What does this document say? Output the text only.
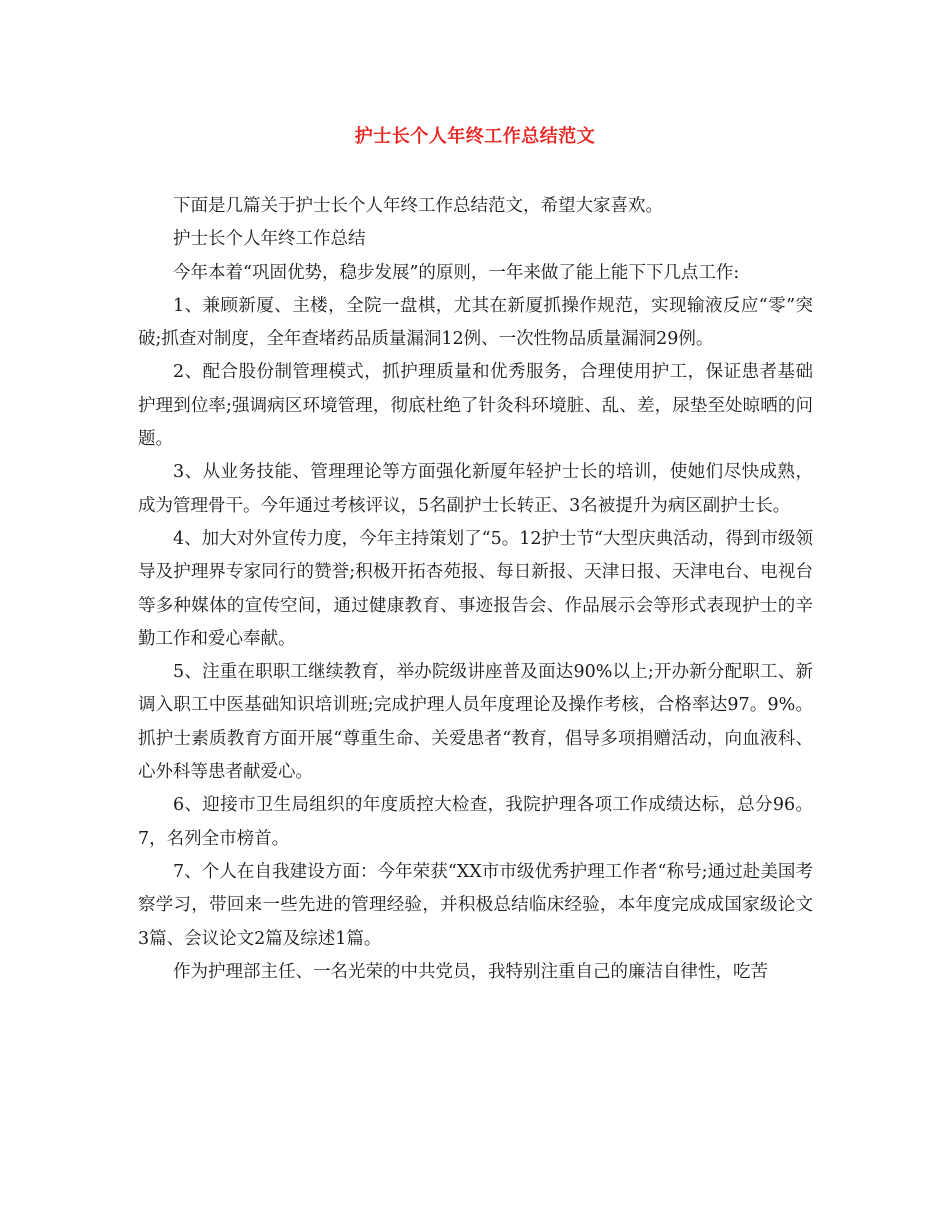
护士长个人年终工作总结范文

下面是几篇关于护士长个人年终工作总结范文，希望大家喜欢。

护士长个人年终工作总结

今年本着“巩固优势，稳步发展”的原则，一年来做了能上能下下几点工作:

1、兼顾新厦、主楼，全院一盘棋，尤其在新厦抓操作规范，实现输液反应“零”突破;抓查对制度，全年查堵药品质量漏洞12例、一次性物品质量漏洞29例。

2、配合股份制管理模式，抓护理质量和优秀服务，合理使用护工，保证患者基础护理到位率;强调病区环境管理，彻底杜绝了针灸科环境脏、乱、差，尿垫至处晾晒的问题。

3、从业务技能、管理理论等方面强化新厦年轻护士长的培训，使她们尽快成熟，成为管理骨干。今年通过考核评议，5名副护士长转正、3名被提升为病区副护士长。

4、加大对外宣传力度，今年主持策划了“5。12护士节“大型庆典活动，得到市级领导及护理界专家同行的赞誉;积极开拓杏苑报、每日新报、天津日报、天津电台、电视台等多种媒体的宣传空间，通过健康教育、事迹报告会、作品展示会等形式表现护士的辛勤工作和爱心奉献。

5、注重在职职工继续教育，举办院级讲座普及面达90%以上;开办新分配职工、新调入职工中医基础知识培训班;完成护理人员年度理论及操作考核，合格率达97。9%。抓护士素质教育方面开展“尊重生命、关爱患者“教育，倡导多项捐赠活动，向血液科、心外科等患者献爱心。

6、迎接市卫生局组织的年度质控大检查，我院护理各项工作成绩达标，总分96。7，名列全市榜首。

7、个人在自我建设方面：今年荣获“XX市市级优秀护理工作者“称号;通过赴美国考察学习，带回来一些先进的管理经验，并积极总结临床经验，本年度完成成国家级论文3篇、会议论文2篇及综述1篇。

作为护理部主任、一名光荣的中共党员，我特别注重自己的廉洁自律性，吃苦
